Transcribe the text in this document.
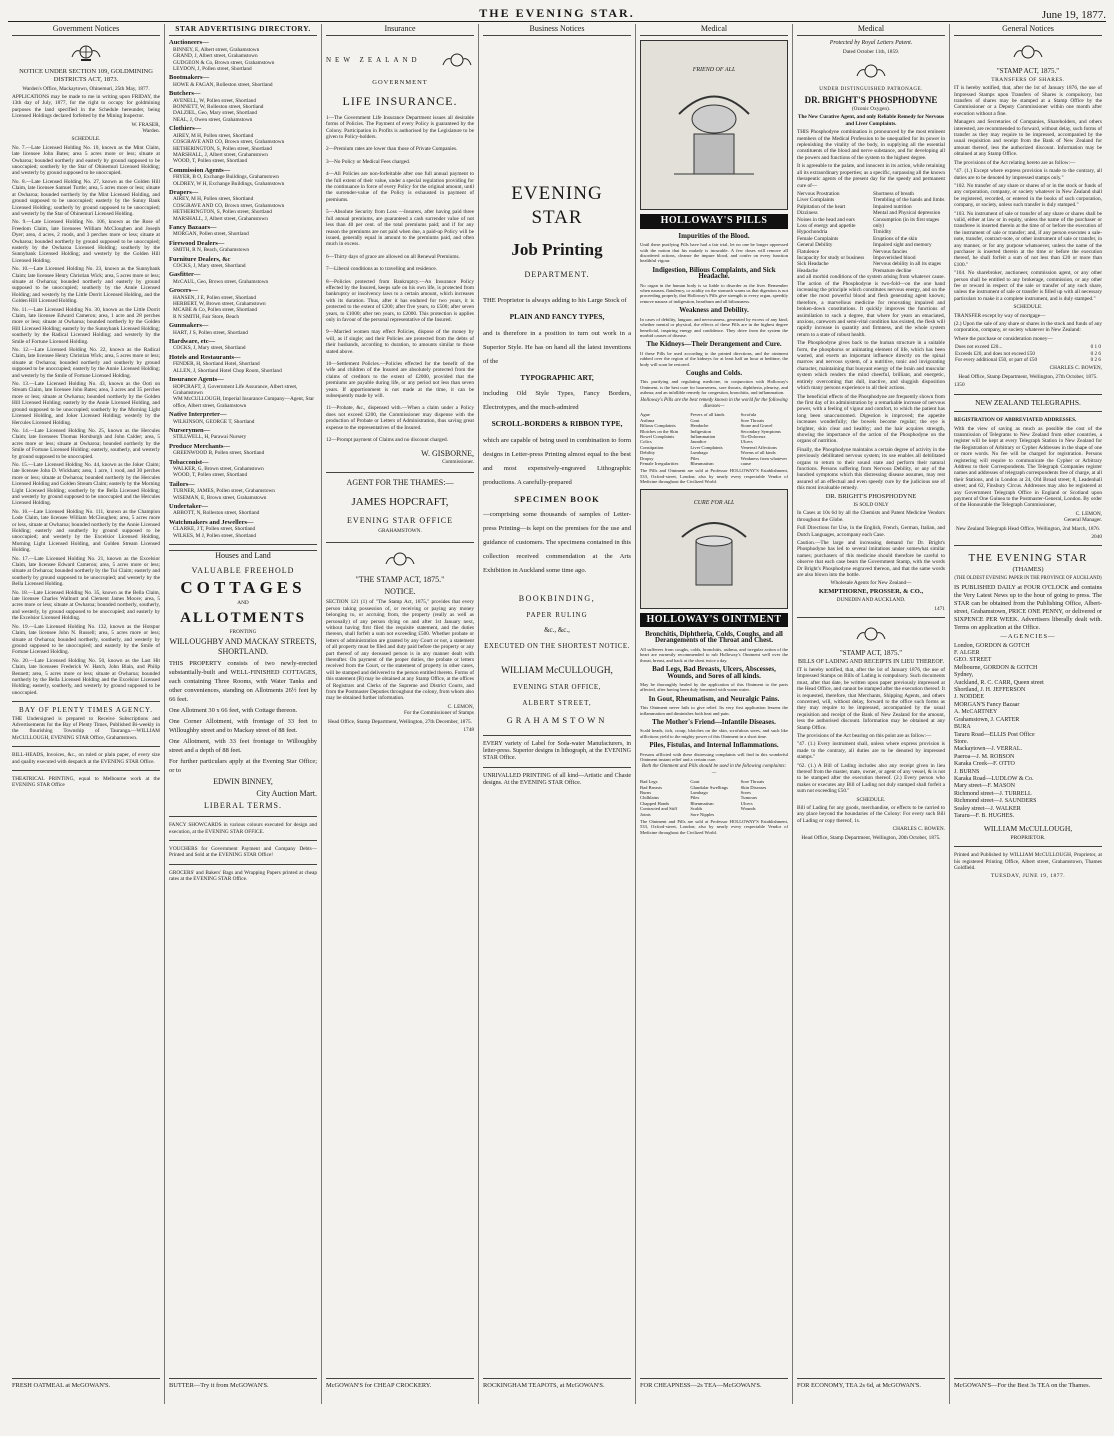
THE EVENING STAR.	June 19, 1877.
Government Notices
NOTICE UNDER SECTION 109, GOLDMINING DISTRICTS ACT, 1873.
Warden's Office, Mackaytown, Ohinemuri, 25th May, 1877.
APPLICATIONS may be made to me in writing upon FRIDAY, the 13th day of July, 1877, for the right to occupy for goldmining purposes the land specified in the Schedule hereunder, being Licensed Holdings declared forfeited by the Mining Inspector.
W. FRASER,
Warden.
SCHEDULE.
No. 7.—Late Licensed Holding No. 10, known as the Mint Claim, late licensee John Bates; area 5 acres more or less; situate at Owharoa; bounded northerly and easterly by ground supposed to be unoccupied; southerly by the Star of Ohinemuri Licensed Holding; and westerly by ground supposed to be unoccupied.
No. 8.—Late Licensed Holding No. 27, known as the Golden Hill Claim, late licensee Samuel Turtle; area, 5 acres more or less; situate at Owharoa; bounded northerly by the Mint Licensed Holding, and ground supposed to be unoccupied; easterly by the Sunny Bank Licensed Holding; southerly by ground supposed to be unoccupied; and westerly by the Star of Ohinemuri Licensed Holding.
No. 9.—Late Licensed Holding No. 106, known as the Rose of Freedom Claim, late licensees William McCloughen and Joseph Dyer; area, 4 acres, 2 roods, and 3 perches more or less; situate at Owharoa; bounded northerly by ground supposed to be unoccupied; easterly by the Owharoa Licensed Holding; southerly by the Sunnybank Licensed Holding; and westerly by the Golden Hill Licensed Holding.
No. 10.—Late Licensed Holding No. 23, known as the Sunnybank Claim; late licensee Henry Christian Wick; area, 5 acres more or less; situate at Owharoa; bounded northerly and easterly by ground supposed to be unoccupied; southerly by the Annie Licensed Holding; and westerly by the Little Dorrit Licensed Holding, and the Golden Hill Licensed Holding.
No. 11.—Late Licensed Holding No. 30, known as the Little Dorrit Claim, late licensee Edward Cameron; area, 1 acre and 28 perches more or less; situate at Owharoa; bounded northerly by the Golden Hill Licensed Holding; easterly by the Sunnybank Licensed Holding; southerly by the Radical Licensed Holding; and westerly by the Smile of Fortune Licensed Holding.
No. 12.—Late Licensed Holding No. 22, known as the Radical Claim, late licensee Henry Christian Wick; area, 5 acres more or less; situate at Owharoa; bounded northerly and southerly by ground supposed to be unoccupied; easterly by the Annie Licensed Holding; and westerly by the Smile of Fortune Licensed Holding.
No. 13.—Late Licensed Holding No. 43, known as the Ooti on Stream Claim, late licensee John Bates; area, 3 acres and 35 perches more or less; situate at Owharoa; bounded northerly by the Golden Hill Licensed Holding; easterly by the Annie Licensed Holding, and ground supposed to be unoccupied; southerly by the Morning Light Licensed Holding, and Joker Licensed Holding; westerly by the Hercules Licensed Holding.
No. 14.—Late Licensed Holding No. 25, known as the Hercules Claim; late licensees Thomas Horsburgh and John Calder; area, 5 acres more or less; situate at Owharoa; bounded northerly by the Smile of Fortune Licensed Holding; easterly, southerly, and westerly by ground supposed to be unoccupied.
No. 15.—Late Licensed Holding No. 44, known as the Joker Claim; late licensee John D. Wickham; area, 1 acre, 1 rood, and 30 perches more or less; situate at Owharoa; bounded northerly by the Hercules Licensed Holding and Golden Stream Claim; easterly by the Morning Light Licensed Holding; southerly by the Bella Licensed Holding; and westerly by ground supposed to be unoccupied and the Hercules Licensed Holding.
No. 16.—Late Licensed Holding No. 111, known as the Champion Lode Claim, late licensee William McCloughen; area, 5 acres more or less, situate at Owharoa; bounded northerly by the Annie Licensed Holding; easterly and southerly by ground supposed to be unoccupied; and westerly by the Excelsior Licensed Holding, Morning Light Licensed Holding, and Golden Stream Licensed Holding.
No. 17.—Late Licensed Holding No. 21, known as the Excelsior Claim, late licensee Edward Cameron; area, 5 acres more or less; situate at Owharoa; bounded northerly by the Tui Claim; easterly and southerly by ground supposed to be unoccupied; and westerly by the Bella Licensed Holding.
No. 18.—Late Licensed Holding No. 35, known as the Bella Claim, late licensee Charles Wallnutt and Clement James Moore; area, 5 acres more or less; situate at Owharoa; bounded northerly, southerly, and westerly, by ground supposed to be unoccupied; and easterly by the Excelsior Licensed Holding.
No. 19.—Late Licensed Holding No. 132, known as the Hotspur Claim, late licensee John N. Russell; area, 5 acres more or less; situate at Owharoa; bounded northerly, southerly, and westerly by ground supposed to be unoccupied; and easterly by the Smile of Fortune Licensed Holding.
No. 20.—Late Licensed Holding No. 50, known as the Last Hit Claim, late licensees Frederick W. Hatch, John Blain, and Philip Bennett; area, 5 acres more or less; situate at Owharoa; bounded northerly by the Bella Licensed Holding and the Excelsior Licensed Holding; easterly, southerly, and westerly by ground supposed to be unoccupied.
BAY OF PLENTY TIMES AGENCY.
THE Undersigned is prepared to Receive Subscriptions and Advertisements for the Bay of Plenty Times, Published Bi-weekly in the flourishing Township of Tauranga.—WILLIAM McCULLOUGH, EVENING STAR Office, Grahamstown.
BILL-HEADS, Invoices, &c., on ruled or plain paper, of every size and quality executed with despatch at the EVENING STAR Office.
THEATRICAL PRINTING, equal to Melbourne work at the EVENING STAR Office
FRESH OATMEAL at McGOWAN'S.
STAR ADVERTISING DIRECTORY.
Auctioneers—
BINNEY, E, Albert street, Grahamstown
GRAND, J, Albert street, Grahamstown
GUDGEON & Co, Brown street, Grahamstown
LEYDON, J, Pollen street, Shortland
Bootmakers—
HOWE & FAGAN, Rolleston street, Shortland
Butchers—
AVENELL, W, Pollen street, Shortland
BONNETT, W, Rolleston street, Shortland
DALZIEL, Geo, Mary street, Shortland
NEAL, J, Owen street, Grahamstown
Clothiers—
AIREY, M H, Pollen street, Shortland
COSGRAVE AND CO, Brown street, Grahamstown
HETHERINGTON, S, Pollen street, Shortland
MARSHALL, J, Albert street, Grahamstown
WOOD, T, Pollen street, Shortland
Commission Agents—
FRYER, B O, Exchange Buildings, Grahamstown
OLDREY, W H, Exchange Buildings, Grahamstown
Drapers—
AIREY, M H, Pollen street, Shortland
COSGRAVE AND CO, Brown street, Grahamstown
HETHERINGTON, S, Pollen street, Shortland
MARSHALL, J, Albert street, Grahamstown
Fancy Bazaars—
MORGAN, Pollen street, Shortland
Firewood Dealers—
SMITH, R N, Beach, Grahamstown
Furniture Dealers, &c
COCKS, J, Mary street, Shortland
Gasfitter—
McCAUL, Geo, Brown street, Grahamstown
Grocers—
HANSEN, J E, Pollen street, Shortland
HERBERT, W, Brown street, Grahamstown
MCABE & Co, Pollen street, Shortland
R N SMITH, Fair Store, Beach
Gunmakers—
HART, J S, Pollen street, Shortland
Hardware, etc—
COCKS, J, Mary street, Shortland
Hotels and Restaurants—
FENDER, H, Shortland Hotel, Shortland
ALLEN, J, Shortland Hotel Chop Room, Shortland
Insurance Agents—
HOPCRAFT, J, Government Life Assurance, Albert street, Grahamstown
WM McCULLOUGH, Imperial Insurance Company—Agent, Star office, Albert street, Grahamstown
Native Interpreter—
WILKINSON, GEORGE T, Shortland
Nurserymen—
STILLWELL, H, Parawai Nursery
Produce Merchants—
GREENWOOD B, Pollen street, Shortland
Tobacconist—
WALKER, G, Brown street, Grahamstown
WOOD, T, Pollen street, Shortland
Tailors—
TURNER, JAMES, Pollen street, Grahamstown
WISEMAN, E, Brown street, Grahamstown
Undertaker—
ABBOTT, N, Rolleston street, Shortland
Watchmakers and Jewellers—
CLARKE, J T, Pollen street, Shortland
WILKES, M J, Pollen street, Shortland
Houses and Land
VALUABLE FREEHOLD
COTTAGES
AND
ALLOTMENTS
FRONTING
WILLOUGHBY AND MACKAY STREETS, SHORTLAND.
THIS PROPERTY consists of two newly-erected substantially-built and WELL-FINISHED COTTAGES, each containing Three Rooms, with Water Tanks and other conveniences, standing on Allotments 26½ feet by 66 feet.
One Allotment 30 x 66 feet, with Cottage thereon.
One Corner Allotment, with frontage of 33 feet to Willoughby street and to Mackay street of 88 feet.
One Allotment, with 33 feet frontage to Willoughby street and a depth of 88 feet.
For further particulars apply at the Evening Star Office; or to
EDWIN BINNEY,
City Auction Mart.
LIBERAL TERMS.
FANCY SHOWCARDS in various colours executed for design and execution, at the EVENING STAR OFFICE.
VOUCHERS for Government Payment and Company Debts—Printed and Sold at the EVENING STAR Office!
GROCERS' and Bakers' Bags and Wrapping Papers printed at cheap rates at the EVENING STAR Office.
BUTTER—Try it from McGOWAN'S.
Insurance
NEW ZEALAND
GOVERNMENT
LIFE INSURANCE.
1—The Government Life Insurance Department issues all desirable forms of Policies. The Payment of every Policy is guaranteed by the Colony. Participation in Profits is authorised by the Legislature to be given to Policy-holders.
2—Premium rates are lower than those of Private Companies.
3—No Policy or Medical Fees charged.
4—All Policies are non-forfeitable after one full annual payment to the full extent of their value, under a special regulation providing for the continuance in force of every Policy for the original amount, until the surrender-value of the Policy is exhausted in payment of premiums.
5—Absolute Security from Loss —Insurers, after having paid three full annual premiums, are guaranteed a cash surrender value of not less than 40 per cent. of the total premiums paid; and if for any reason the premiums are not paid when due, a paid-up Policy will be issued, generally equal in amount to the premiums paid, and often much in excess.
6—Thirty days of grace are allowed on all Renewal Premiums.
7—Liberal conditions as to travelling and residence.
8—Policies protected from Bankruptcy.—An Insurance Policy effected by the Insured, keeps safe on his own life, is protected from bankruptcy or insolvency laws to a certain amount, which increases with its duration. Thus, after it has endured for two years, it is protected to the extent of £200; after five years, to £500; after seven years, to £1000; after ten years, to £2000. This protection is applies only in favour of the personal representative of the Insured.
9—Married women may effect Policies, dispose of the money by will, as if single; and their Policies are protected from the debts of their husbands, according to duration, to amounts similar to those stated above.
10—Settlement Policies.—Policies effected for the benefit of the wife and children of the Insured are absolutely protected from the claims of creditors to the extent of £2000, provided that the premiums are payable during life, or any period not less than seven years. If apportionment is not made at the time, it can be subsequently made by will.
11—Probate, &c., dispensed with.—When a claim under a Policy does not exceed £200, the Commissioner may dispense with the production of Probate or Letters of Administration, thus saving great expense to the representatives of the Insured.
12—Prompt payment of Claims and no discount charged.
W. GISBORNE,
Commissioner.
AGENT FOR THE THAMES:—
JAMES HOPCRAFT,
EVENING STAR OFFICE
GRAHAMSTOWN.
"THE STAMP ACT, 1875."
NOTICE.
SECTION 121 (1) of "The Stamp Act, 1875," provides that every person taking possession of, or receiving or paying any money belonging to, or accruing from, the property (really as well as personally) of any person dying on and after 1st January next, without having first filed the requisite statement, and the duties thereon, shall forfeit a sum not exceeding £500. Whether probate or letters of administration are granted by any Court or not, a statement of all property must be filed and duty paid before the property or any part thereof of any deceased person is in any manner dealt with thereafter. On payment of the proper duties, the probate or letters received from the Court, or the statement of property in other cases, will be stamped and delivered to the person entitled thereto. Forms of this statement (B) may be obtained at any Stamp Office, at the offices of Registrars and Clerks of the Supreme and District Courts, and from the Postmaster Deputies throughout the colony, from whom also may be obtained further information.
C. LEMON,
For the Commissioner of Stamps
Head Office, Stamp Department, Wellington, 27th December, 1875.
1748
McGOWAN'S for CHEAP CROCKERY.
Business Notices
EVENING STAR
Job Printing
DEPARTMENT.
THE Proprietor is always adding to his Large Stock of
PLAIN AND FANCY TYPES,
and is therefore in a position to turn out work in a Superior Style. He has on hand all the latest inventions of the
TYPOGRAPHIC ART,
including Old Style Types, Fancy Borders, Electrotypes, and the much-admired
SCROLL-BORDERS & RIBBON TYPE,
which are capable of being used in combination to form designs in Letter-press Printing almost equal to the best and most expensively-engraved Lithographic productions. A carefully-prepared
SPECIMEN BOOK
—comprising some thousands of samples of Letter-press Printing—is kept on the premises for the use and guidance of customers. The specimens contained in this collection received commendation at the Arts Exhibition in Auckland some time ago.
BOOKBINDING,
PAPER RULING
&c., &c.,
EXECUTED ON THE SHORTEST NOTICE.
WILLIAM McCULLOUGH,
EVENING STAR OFFICE,
ALBERT STREET,
GRAHAMSTOWN
EVERY variety of Label for Soda-water Manufacturers, in letter-press. Superior designs in lithograph, at the EVENING STAR Office.
UNRIVALLED PRINTING of all kind—Artistic and Chaste designs. At the EVENING STAR Office.
ROCKINGHAM TEAPOTS, at McGOWAN'S.
Medical
FRIEND OF ALL
HOLLOWAY'S PILLS
Impurities of the Blood.
Until these purifying Pills have had a fair trial, let no one be longer oppressed with the notion that his malady is incurable. A few doses will remove all disordered actions, cleanse the impure blood, and confer on every function healthful vigour.
Indigestion, Bilious Complaints, and Sick Headache.
No organ in the human body is so liable to disorder as the liver. Remember when nausea, flatulency, or acidity on the stomach warns us that digestion is not proceeding properly, that Holloway's Pills give strength to every organ, speedily remove nausea of indigestion, heartburn and all biliousness.
Weakness and Debility.
In cases of debility, languor, and nervousness, generated by excess of any kind, whether mental or physical, the effects of these Pills are in the highest degree beneficial, inspiring energy and confidence. They drive from the system the morbid causes of disease.
The Kidneys—Their Derangement and Cure.
If these Pills be used according to the printed directions, and the ointment rubbed over the region of the kidneys for at least half an hour at bedtime, the body will soon be restored.
Coughs and Colds.
This purifying and regulating medicine, in conjunction with Holloway's Ointment, is the best cure for hoarseness, sore throats, diphtheria, pleurisy, and asthma; and an infallible remedy for congestion, bronchitis, and inflammation.
Holloway's Pills are the best remedy known in the world for the following diseases—
Ague
Asthma
Bilious Complaints
Blotches on the Skin
Bowel Complaints
Colics
Constipation
Debility
Dropsy
Female Irregularities
Fevers of all kinds
Gout
Headache
Indigestion
Inflammation
Jaundice
Liver Complaints
Lumbago
Piles
Rheumatism
Scrofula
Sore Throats
Stone and Gravel
Secondary Symptoms
Tic-Doloreux
Ulcers
Venereal Affections
Worms of all kinds
Weakness from whatever cause
The Pills and Ointment are sold at Professor HOLLOWAY'S Establishment, 533, Oxford-street, London; also by nearly every respectable Vendor of Medicine throughout the Civilized World.
CURE FOR ALL
HOLLOWAY'S OINTMENT
Bronchitis, Diphtheria, Colds, Coughs, and all Derangements of the Throat and Chest.
All sufferers from coughs, colds, bronchitis, asthma, and irregular action of the heart are earnestly recommended to rub Holloway's Ointment well over the throat, breast, and back at the chest twice a day.
Bad Legs, Bad Breasts, Ulcers, Abscesses, Wounds, and Sores of all kinds.
May be thoroughly healed by the application of this Ointment to the parts affected, after having been duly fomented with warm water.
In Gout, Rheumatism, and Neuralgic Pains.
This Ointment never fails to give relief. Its very first application lessens the inflammation and diminishes both heat and pain.
The Mother's Friend—Infantile Diseases.
Scald heads, itch, croup, blotches on the skin, scrofulous sores, and such like afflictions yield to the mighty power of this Ointment in a short time.
Piles, Fistulas, and Internal Inflammations.
Persons afflicted with these distressing complaints will find in this wonderful Ointment instant relief and a certain cure.
Both the Ointment and Pills should be used in the following complaints:—
Bad Legs
Bad Breasts
Burns
Chilblains
Chapped Hands
Contracted and Stiff Joints
Gout
Glandular Swellings
Lumbago
Piles
Rheumatism
Scalds
Sore Nipples
Sore Throats
Skin Diseases
Sores
Tumours
Ulcers
Wounds
The Ointment and Pills are sold at Professor HOLLOWAY'S Establishment, 533, Oxford-street, London; also by nearly every respectable Vendor of Medicine throughout the Civilized World.
FOR CHEAPNESS—2s TEA—McGOWAN'S.
Medical
Protected by Royal Letters Patent.
Dated October 11th, 1859.
UNDER DISTINGUISHED PATRONAGE.
DR. BRIGHT'S PHOSPHODYNE
(Ozonic Oxygen).
The New Curative Agent, and only Reliable Remedy for Nervous and Liver Complaints.
THIS Phosphodyne combination is pronounced by the most eminent members of the Medical Profession to be unequalled for its power in replenishing the vitality of the body, in supplying all the essential constituents of the blood and nerve substance, and for developing all the powers and functions of the system to the highest degree.
It is agreeable to the palate, and innocent in its action, while retaining all its extraordinary properties; as a specific, surpassing all the known therapeutic agents of the present day for the speedy and permanent cure of—
Nervous Prostration
Liver Complaints
Palpitation of the heart
Dizziness
Noises in the head and ears
Loss of energy and appetite
Hypochondria
Female Complaints
General Debility
Flatulence
Incapacity for study or business
Sick Headache
Headache
Shortness of breath
Trembling of the hands and limbs
Impaired nutrition
Mental and Physical depression
Consumption (in its first stages only)
Timidity
Eruptions of the skin
Impaired sight and memory
Nervous fancies
Impoverished blood
Nervous debility in all its stages
Premature decline
and all morbid conditions of the system arising from whatever cause. The action of the Phosphodyne is two-fold—on the one hand increasing the principle which constitutes nervous energy, and on the other the most powerful blood and flesh generating agent known; therefore, a marvellous medicine for renovating impaired and broken-down constitutions. It quickly improves the functions of assimilation to such a degree, that where for years an emaciated, anxious, careworn and semi-vital condition has existed, the flesh will rapidly increase in quantity and firmness, and the whole system return to a state of robust health.
The Phosphodyne gives back to the human structure in a suitable form, the phosphorus or animating element of life, which has been wasted, and exerts an important influence directly on the spinal marrow and nervous system, of a nutritive, tonic and invigorating character, maintaining that buoyant energy of the brain and muscular system which renders the mind cheerful, brilliant, and energetic, entirely overcoming that dull, inactive, and sluggish disposition which many persons experience to all their actions.
The beneficial effects of the Phosphodyne are frequently shown from the first day of its administration by a remarkable increase of nervous power, with a feeling of vigour and comfort, to which the patient has long been unaccustomed. Digestion is improved; the appetite increases wonderfully; the bowels become regular; the eye is brighter, skin clear and healthy; and the hair acquires strength, showing the importance of the action of the Phosphodyne on the organs of nutrition.
Finally, the Phosphodyne maintains a certain degree of activity in the previously debilitated nervous system; its use enables all debilitated organs to return to their sound state and perform their natural functions. Persons suffering from Nervous Debility, or any of the hundred symptoms which this distressing disease assumes, may rest assured of an effectual and even speedy cure by the judicious use of this most invaluable remedy.
DR. BRIGHT'S PHOSPHODYNE
IS SOLD ONLY
In Cases at 10s 6d by all the Chemists and Patent Medicine Vendors throughout the Globe.
Full Directions for Use, in the English, French, German, Italian, and Dutch Languages, accompany each Case.
Caution.—The large and increasing demand for Dr. Bright's Phosphodyne has led to several imitations under somewhat similar names; purchasers of this medicine should therefore be careful to observe that each case bears the Government Stamp, with the words Dr Bright's Phosphodyne engraved thereon, and that the same words are also blown into the bottle.
Wholesale Agents for New Zealand—
KEMPTHORNE, PROSSER, & CO.,
DUNEDIN AND AUCKLAND.
1471
"STAMP ACT, 1875."
BILLS OF LADING AND RECEIPTS IN LIEU THEREOF.
IT is hereby notified, that, after the 1st of January 1876, the use of Impressed Stamps on Bills of Lading is compulsory. Such documents must, after that date, be written upon paper previously impressed at the Head Office, and cannot be stamped after the execution thereof. It is requested, therefore, that Merchants, Shipping Agents, and others concerned, will, without delay, forward to the office such forms as they may require to be impressed, accompanied by the usual requisition and receipt of the Bank of New Zealand for the amount, less the authorised discount. Information may be obtained at any Stamp Office.
The provisions of the Act bearing on this point are as follow:—
"47. (1.) Every instrument shall, unless where express provision is made to the contrary, all duties are to be denoted by impressed stamps."
"62. (1.) A Bill of Lading includes also any receipt given in lieu thereof from the master, mate, owner, or agent of any vessel, & is not to be stamped after the execution thereof. (2.) Every person who makes or executes any Bill of Lading not duly stamped shall forfeit a sum not exceeding £50."
SCHEDULE.
Bill of Lading for any goods, merchandise, or effects to be carried to any place beyond the boundaries of the Colony: For every such Bill of Lading or copy thereof, 1s.
CHARLES C. BOWEN.
Head Office, Stamp Department, Wellington, 20th October, 1875.
FOR ECONOMY, TEA 2s 6d, at McGOWAN'S.
General Notices
"STAMP ACT, 1875."
TRANSFERS OF SHARES.
IT is hereby notified, that, after the 1st of January 1876, the use of Impressed Stamps upon Transfers of Shares is compulsory, but transfers of shares may be stamped at a Stamp Office by the Commissioner or a Deputy Commissioner within one month after execution without a fine.
Managers and Secretaries of Companies, Shareholders, and others interested, are recommended to forward, without delay, such forms of transfer as they may require to be impressed, accompanied by the usual requisition and receipt from the Bank of New Zealand for amount thereof, less the authorized discount. Information may be obtained at any Stamp Office.
The provisions of the Act relating hereto are as follow:—
"47. (1.) Except where express provision is made to the contrary, all duties are to be denoted by impressed stamps only."
"102. No transfer of any share or shares of or in the stock or funds of any corporation, company, or society whatever in New Zealand shall be registered, recorded, or entered in the books of such corporation, company, or society, unless such transfer is duly stamped."
"103. No instrument of sale or transfer of any share or shares shall be valid, either at law or in equity, unless the name of the purchaser or transferee is inserted therein at the time of or before the execution of the instrument of sale or transfer; and, if any person executes a sale-note, transfer, contract-note, or other instrument of sale or transfer, in any manner, or for any purpose whatsoever, unless the name of the purchaser is inserted therein at the time or before the execution thereof, he shall forfeit a sum of not less than £20 or more than £100."
"104. No sharebroker, auctioneer, commission agent, or any other person shall be entitled to any brokerage, commission, or any other fee or reward in respect of the sale or transfer of any such share, unless the instrument of sale or transfer is filled up with all necessary particulars to make it a complete instrument, and is duly stamped."
SCHEDULE.
TRANSFER except by way of mortgage—
(2.) Upon the sale of any share or shares in the stock and funds of any corporation, company, or society whatever in New Zealand:
Where the purchase or consideration money—
Does not exceed £20...	0 1 0
Exceeds £20, and does not exceed £50	0 2 6
For every additional £50, or part of £50	0 2 6
CHARLES C. BOWEN,
Head Office, Stamp Department, Wellington, 27th October, 1875.
1350
NEW ZEALAND TELEGRAPHS.
REGISTRATION OF ABBREVIATED ADDRESSES.
With the view of saving as much as possible the cost of the transmission of Telegrams to New Zealand from other countries, a register will be kept at every Telegraph Station in New Zealand for the Registration of Arbitrary or Cypher Addresses in the shape of one or more words. No fee will be charged for registration. Persons registering will require to communicate the Cypher or Arbitrary Address to their Correspondents. The Telegraph Companies register names and addresses of telegraph correspondents free of charge, at all their Stations, and in London at 24, Old Broad street; 8, Leadenhall street; and 62, Finsbury Circus. Addresses may also be registered at any Government Telegraph Office in England or Scotland upon payment of One Guinea to the Postmaster-General, London. By order of the Honourable the Telegraph Commissioner,
C. LEMON,
General Manager.
New Zealand Telegraph Head Office, Wellington, 2nd March, 1876.
2040
THE EVENING STAR
(THAMES)
(THE OLDEST EVENING PAPER IN THE PROVINCE OF AUCKLAND)
IS PUBLISHED DAILY at FOUR O'CLOCK and contains the Very Latest News up to the hour of going to press. The STAR can be obtained from the Publishing Office, Albert-street, Grahamstown, PRICE ONE PENNY, or delivered or SIXPENCE PER WEEK. Advertisers liberally dealt with. Terms on application at the Office.
—AGENCIES—
London, GORDON & GOTCH
F. ALGER
GEO. STREET
Melbourne, GORDON & GOTCH
Sydney,
Auckland, R. C. CARR, Queen street
Shortland, J. H. JEFFERSON
J. NODDEE
MORGAN'S Fancy Bazaar
A. McCARTNEY
Grahamstown, J. CARTER
BURA
Tararu Road—ELLIS Post Office
Store.
Mackaytown—J. VERRAL.
Paeroa—J. M. ROBSON
Karaka Creek—F. OTTO
J. BURNS
Karaka Road—LUDLOW & Co.
Mary street—F. MASON
Richmond street—J. TURRELL
Richmond street—J. SAUNDERS
Sealey street—J. WALKER
Tararu—F. B. HUGHES.
WILLIAM McCULLOUGH,
PROPRIETOR.
Printed and Published by WILLIAM McCULLOUGH, Proprietor, at his registered Printing Office, Albert street, Grahamstown, Thames Goldfield.
TUESDAY, JUNE 19, 1877.
McGOWAN'S—For the Best 3s TEA on the Thames.
